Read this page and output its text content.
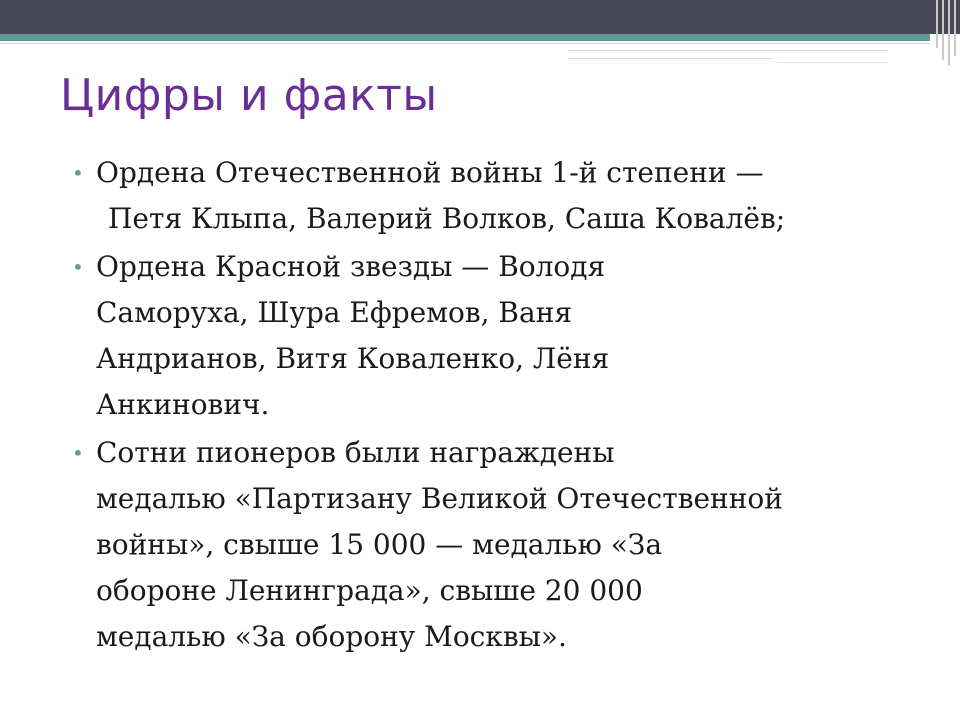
Цифры и факты
• Ордена Отечественной войны 1-й степени —
Петя Клыпа, Валерий Волков, Саша Ковалёв;
• Ордена Красной звезды — Володя
Саморуха, Шура Ефремов, Ваня
Андрианов, Витя Коваленко, Лёня
Анкинович.
• Сотни пионеров были награждены
медалью «Партизану Великой Отечественной
войны», свыше 15 000 — медалью «За
обороне Ленинграда», свыше 20 000
медалью «За оборону Москвы».
